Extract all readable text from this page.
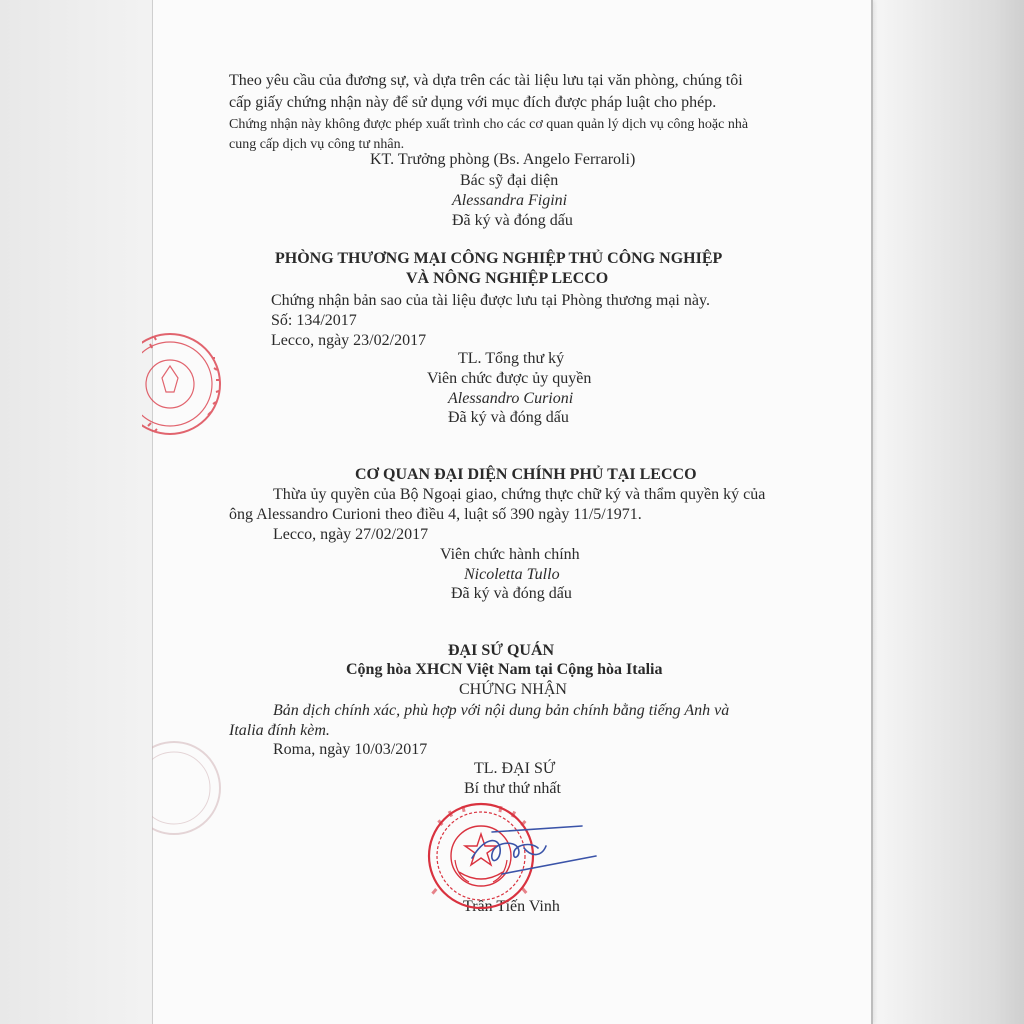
Theo yêu cầu của đương sự, và dựa trên các tài liệu lưu tại văn phòng, chúng tôi
cấp giấy chứng nhận này để sử dụng với mục đích được pháp luật cho phép.
Chứng nhận này không được phép xuất trình cho các cơ quan quản lý dịch vụ công hoặc nhà
cung cấp dịch vụ công tư nhân.
KT. Trưởng phòng (Bs. Angelo Ferraroli)
Bác sỹ đại diện
Alessandra Figini
Đã ký và đóng dấu
PHÒNG THƯƠNG MẠI CÔNG NGHIỆP THỦ CÔNG NGHIỆP
VÀ NÔNG NGHIỆP LECCO
Chứng nhận bản sao của tài liệu được lưu tại Phòng thương mại này.
Số: 134/2017
Lecco, ngày 23/02/2017
TL. Tổng thư ký
Viên chức được ủy quyền
Alessandro Curioni
Đã ký và đóng dấu
CƠ QUAN ĐẠI DIỆN CHÍNH PHỦ TẠI LECCO
Thừa ủy quyền của Bộ Ngoại giao, chứng thực chữ ký và thẩm quyền ký của
ông Alessandro Curioni theo điều 4, luật số 390 ngày 11/5/1971.
Lecco, ngày 27/02/2017
Viên chức hành chính
Nicoletta Tullo
Đã ký và đóng dấu
ĐẠI SỨ QUÁN
Cộng hòa XHCN Việt Nam tại Cộng hòa Italia
CHỨNG NHẬN
Bản dịch chính xác, phù hợp với nội dung bản chính bằng tiếng Anh và
Italia đính kèm.
Roma, ngày 10/03/2017
TL. ĐẠI SỨ
Bí thư thứ nhất
Trần Tiến Vinh
